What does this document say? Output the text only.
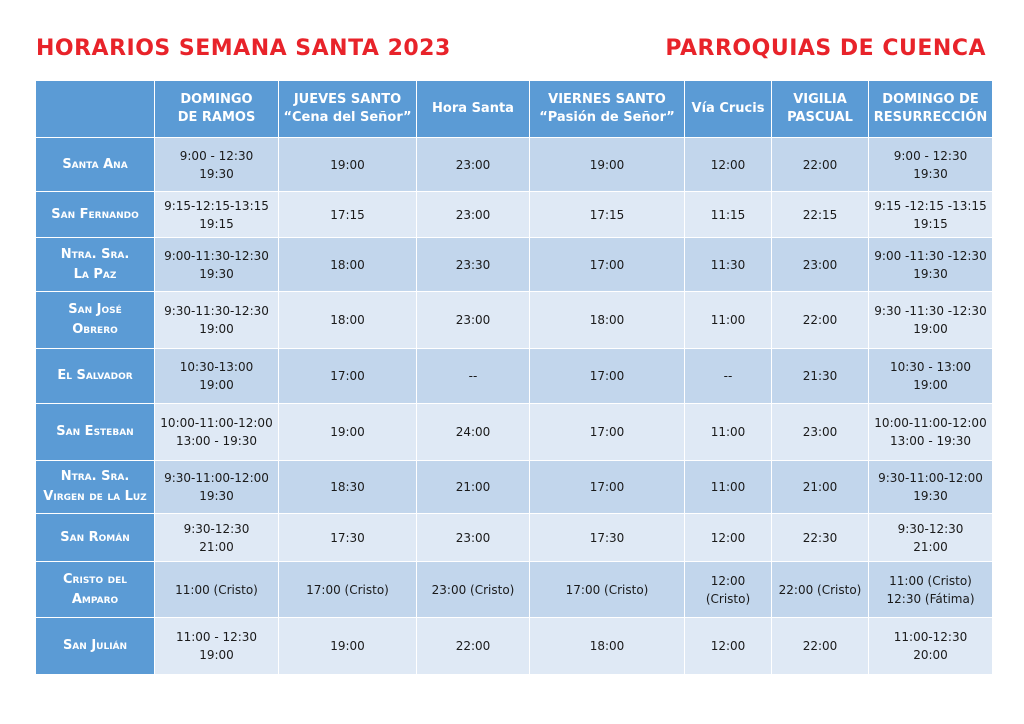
HORARIOS SEMANA SANTA 2023	PARROQUIAS DE CUENCA

	DOMINGO
DE RAMOS	JUEVES SANTO
“Cena del Señor”	Hora Santa	VIERNES SANTO
“Pasión de Señor”	Vía Crucis	VIGILIA
PASCUAL	DOMINGO DE
RESURRECCIÓN

Santa Ana	9:00 - 12:30
19:30	19:00	23:00	19:00	12:00	22:00	9:00 - 12:30
19:30

San Fernando	9:15-12:15-13:15
19:15	17:15	23:00	17:15	11:15	22:15	9:15 -12:15 -13:15
19:15

Ntra. Sra.
La Paz	9:00-11:30-12:30
19:30	18:00	23:30	17:00	11:30	23:00	9:00 -11:30 -12:30
19:30

San José
Obrero	9:30-11:30-12:30
19:00	18:00	23:00	18:00	11:00	22:00	9:30 -11:30 -12:30
19:00

El Salvador	10:30-13:00
19:00	17:00	--	17:00	--	21:30	10:30 - 13:00
19:00

San Esteban	10:00-11:00-12:00
13:00 - 19:30	19:00	24:00	17:00	11:00	23:00	10:00-11:00-12:00
13:00 - 19:30

Ntra. Sra.
Virgen de la Luz	9:30-11:00-12:00
19:30	18:30	21:00	17:00	11:00	21:00	9:30-11:00-12:00
19:30

San Román	9:30-12:30
21:00	17:30	23:00	17:30	12:00	22:30	9:30-12:30
21:00

Cristo del
Amparo	11:00 (Cristo)	17:00 (Cristo)	23:00 (Cristo)	17:00 (Cristo)	12:00
(Cristo)	22:00 (Cristo)	11:00 (Cristo)
12:30 (Fátima)

San Julián	11:00 - 12:30
19:00	19:00	22:00	18:00	12:00	22:00	11:00-12:30
20:00
